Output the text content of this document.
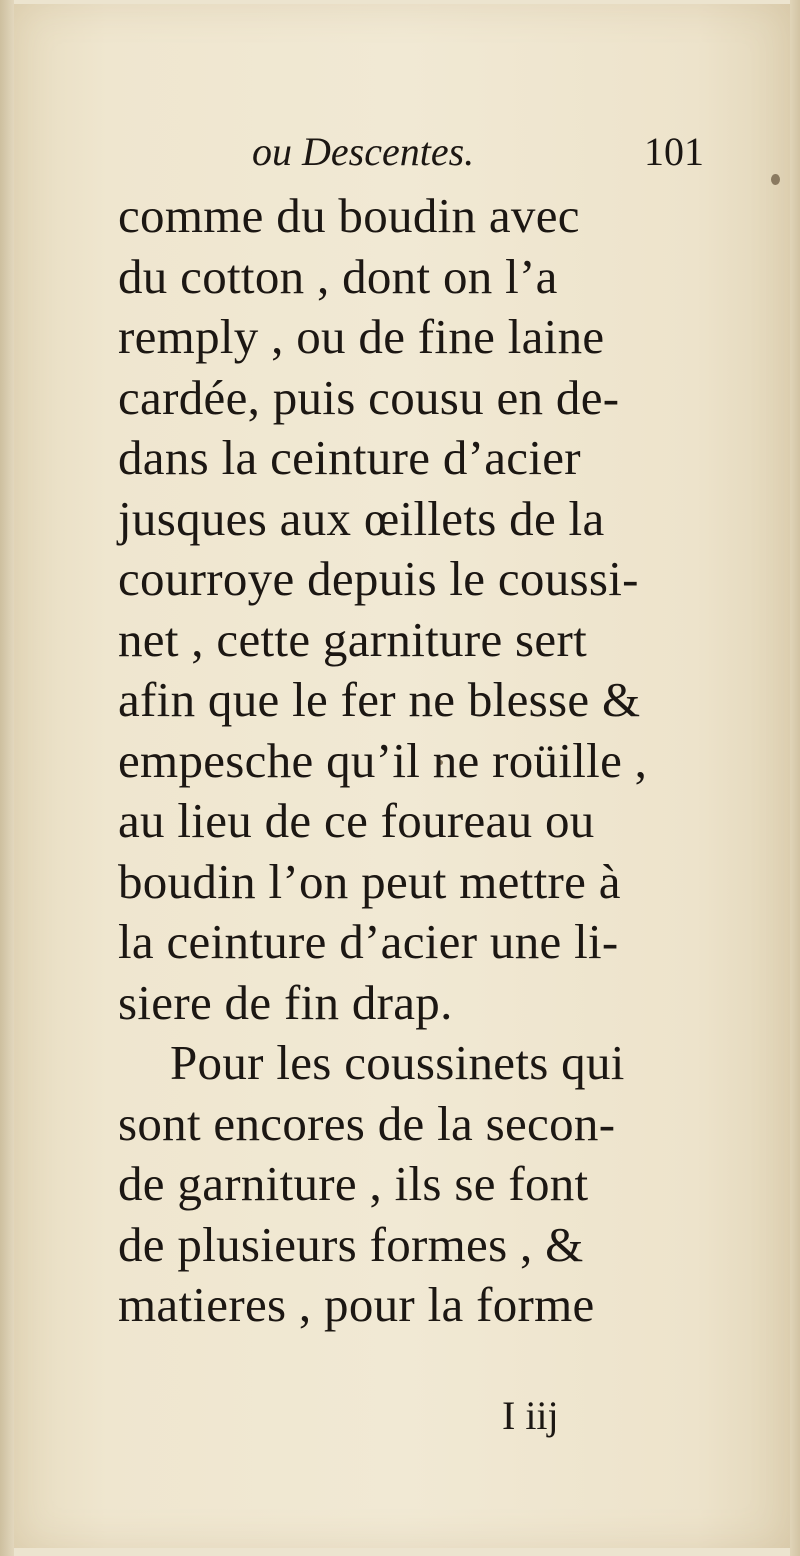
ou Descentes.	101
comme du boudin avec
du cotton , dont on l’a
remply , ou de fine laine
cardée, puis cousu en de-
dans la ceinture d’acier
jusques aux œillets de la
courroye depuis le coussi-
net , cette garniture sert
afin que le fer ne blesse &
empesche qu’il ne roüille ,
au lieu de ce foureau ou
boudin l’on peut mettre à
la ceinture d’acier une li-
siere de fin drap.
Pour les coussinets qui
sont encores de la secon-
de garniture , ils se font
de plusieurs formes , &
matieres , pour la forme
I iij
